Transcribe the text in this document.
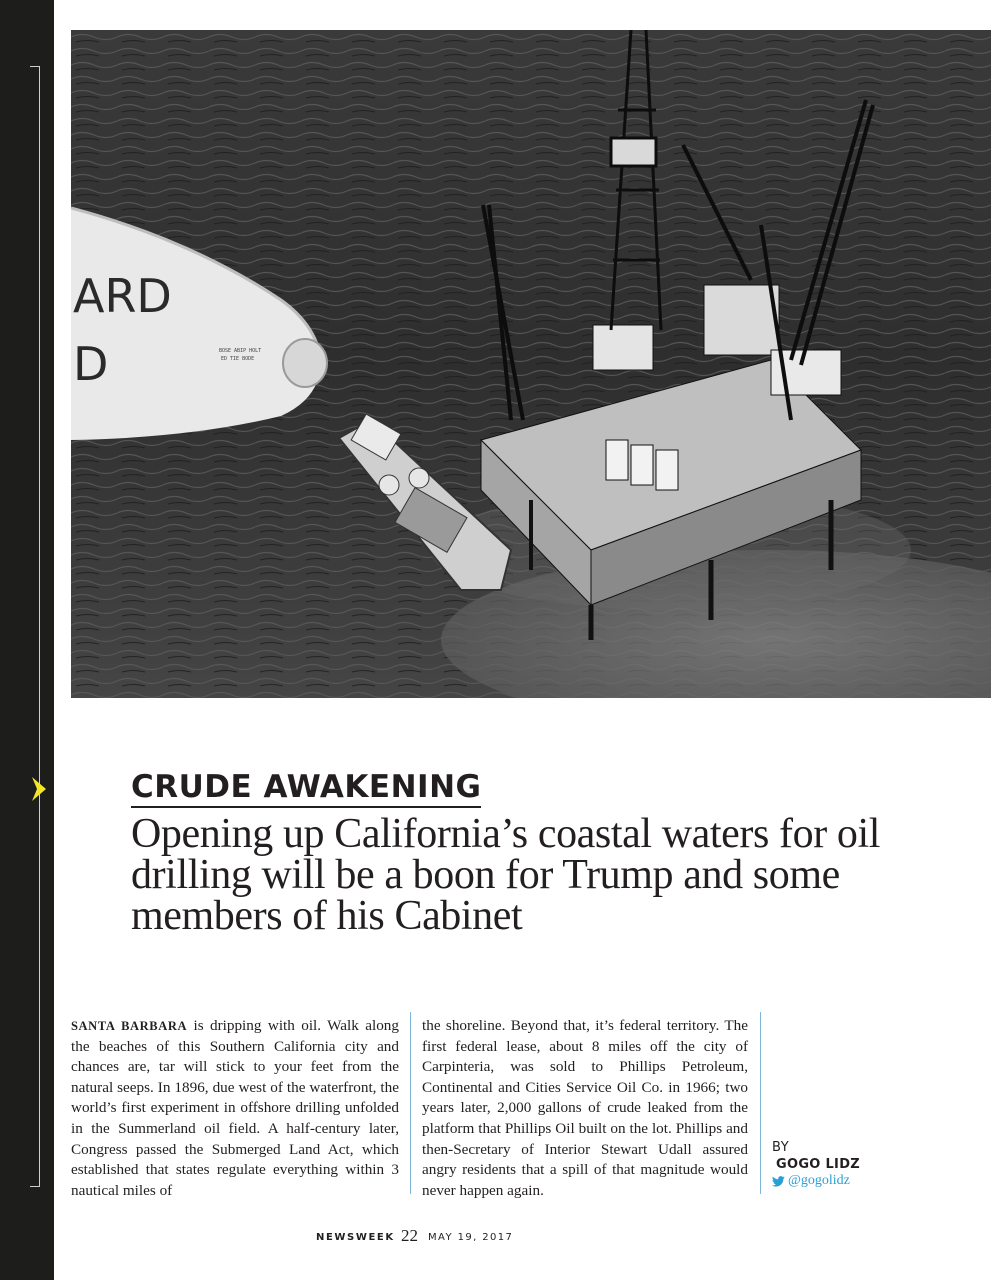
ARD
D	BOSE ABIP HOLT
ED TIE BODE
CRUDE AWAKENING
Opening up California’s coastal waters for oil drilling will be a boon for Trump and some members of his Cabinet
SANTA BARBARA is dripping with oil. Walk along the beaches of this Southern California city and chances are, tar will stick to your feet from the natural seeps. In 1896, due west of the waterfront, the world’s first experiment in offshore drilling unfolded in the Summerland oil field. A half-century later, Congress passed the Submerged Land Act, which established that states regulate everything within 3 nautical miles of
the shoreline. Beyond that, it’s federal territory. The first federal lease, about 8 miles off the city of Carpinteria, was sold to Phillips Petroleum, Continental and Cities Service Oil Co. in 1966; two years later, 2,000 gallons of crude leaked from the platform that Phillips Oil built on the lot. Phillips and then-Secretary of Interior Stewart Udall assured angry residents that a spill of that magnitude would never happen again.
BY
GOGO LIDZ
@gogolidz
NEWSWEEK 22 MAY 19, 2017
